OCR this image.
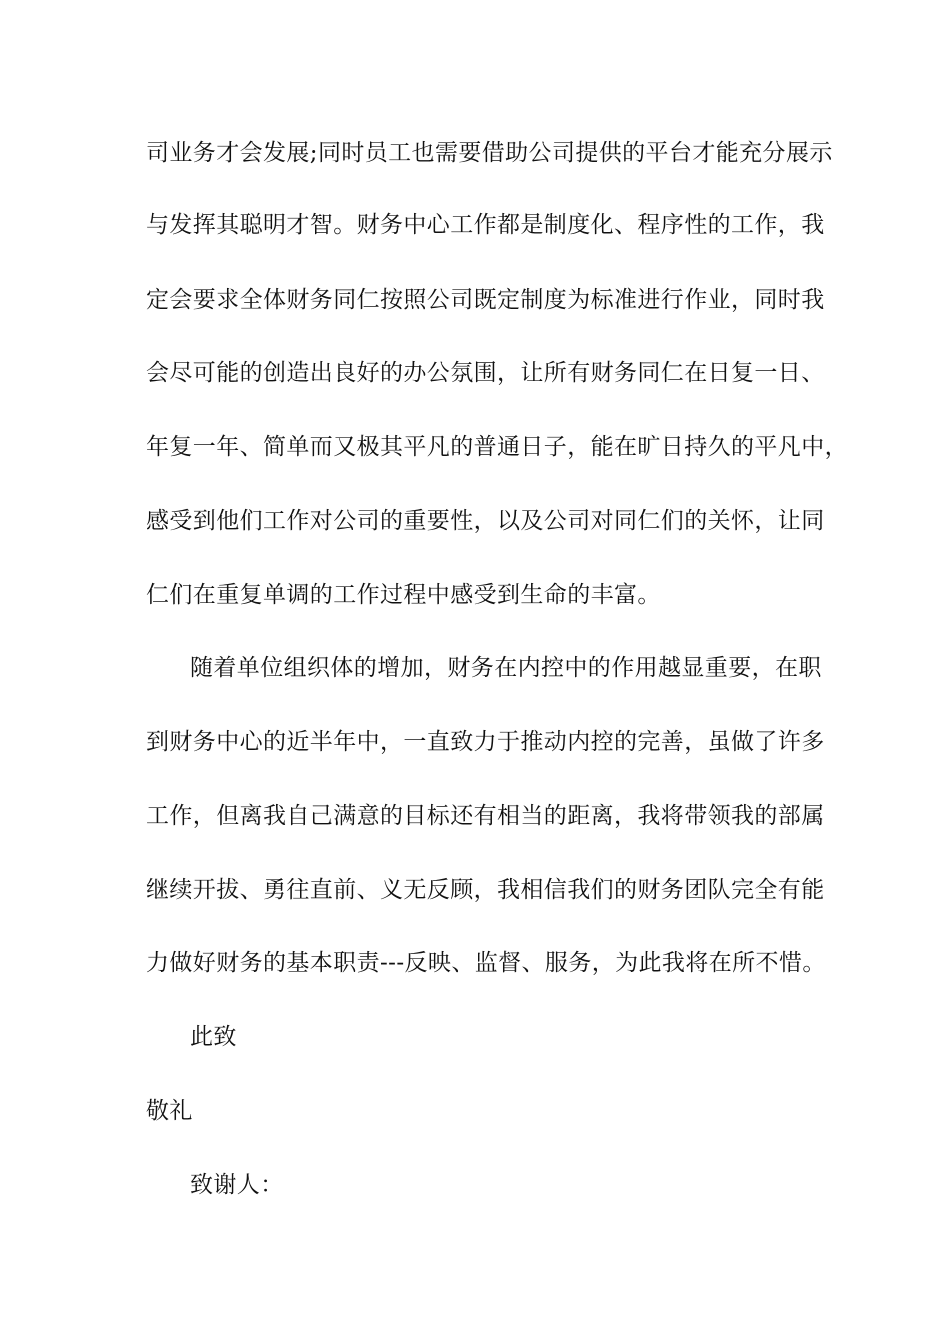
司业务才会发展;同时员工也需要借助公司提供的平台才能充分展示
与发挥其聪明才智。财务中心工作都是制度化、程序性的工作，我
定会要求全体财务同仁按照公司既定制度为标准进行作业，同时我
会尽可能的创造出良好的办公氛围，让所有财务同仁在日复一日、
年复一年、简单而又极其平凡的普通日子，能在旷日持久的平凡中，
感受到他们工作对公司的重要性，以及公司对同仁们的关怀，让同
仁们在重复单调的工作过程中感受到生命的丰富。
随着单位组织体的增加，财务在内控中的作用越显重要，在职
到财务中心的近半年中，一直致力于推动内控的完善，虽做了许多
工作，但离我自己满意的目标还有相当的距离，我将带领我的部属
继续开拔、勇往直前、义无反顾，我相信我们的财务团队完全有能
力做好财务的基本职责---反映、监督、服务，为此我将在所不惜。
此致
敬礼
致谢人：
